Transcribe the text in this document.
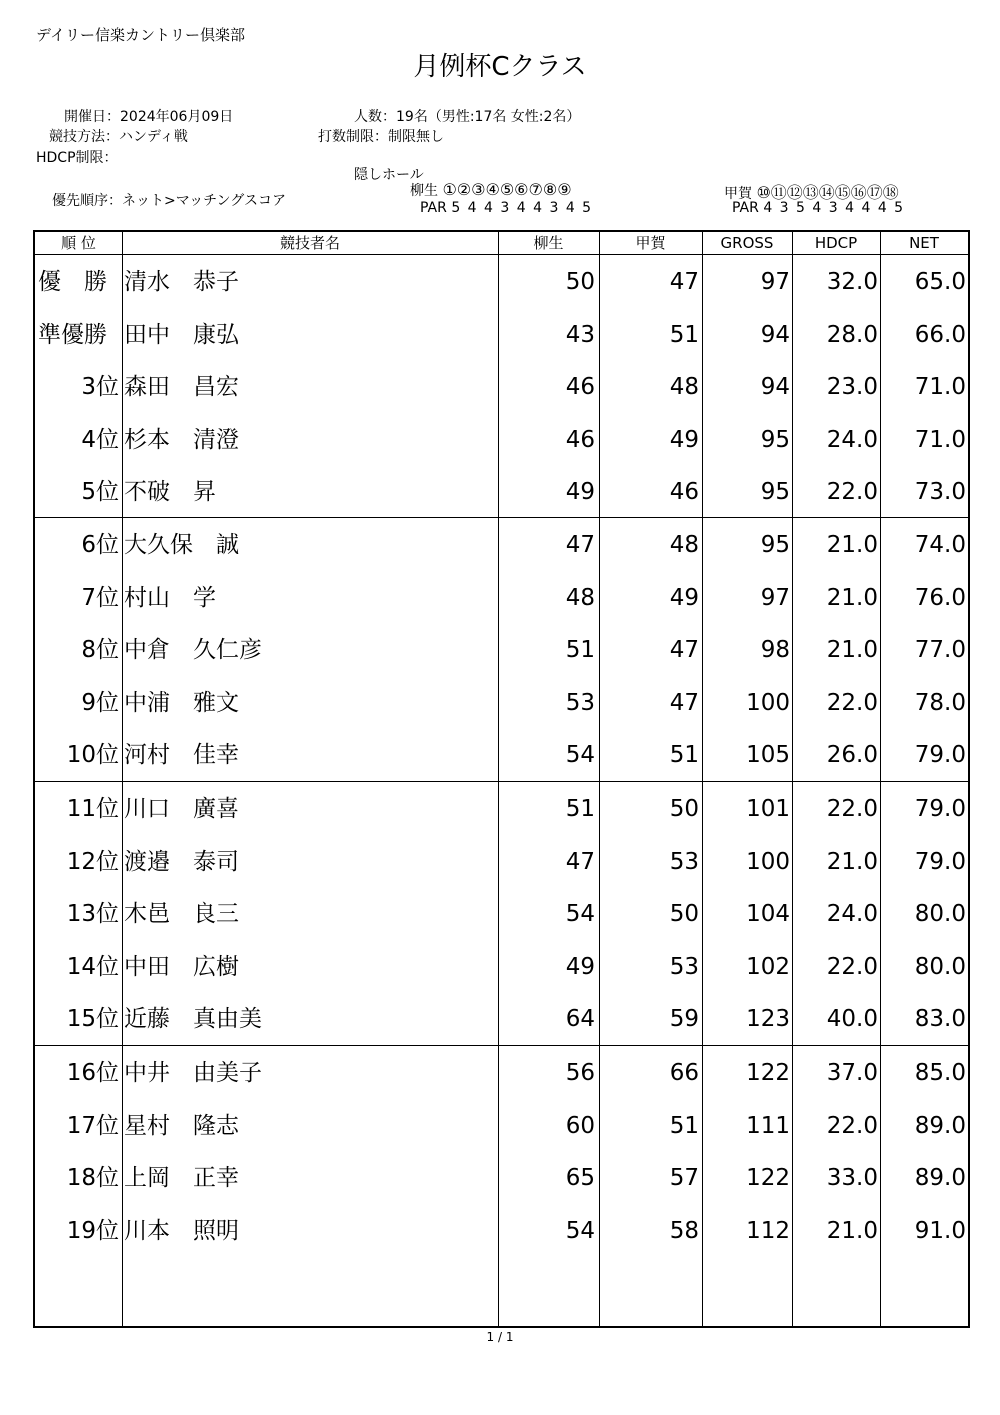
デイリー信楽カントリー倶楽部
月例杯Cクラス
開催日：2024年06月09日	人数：19名（男性:17名 女性:2名）
競技方法：ハンディ戦	打数制限：制限無し
HDCP制限：
隠しホール
優先順序：ネット>マッチングスコア
柳生 ①②③④⑤⑥⑦⑧⑨
PAR 5 4 4 3 4 4 3 4 5
甲賀 ⑩⑪⑫⑬⑭⑮⑯⑰⑱
PAR 4 3 5 4 3 4 4 4 5
順 位	競技者名	柳生	甲賀	GROSS	HDCP	NET
優　勝 清水　恭子	50	47	97	32.0	65.0
準優勝 田中　康弘	43	51	94	28.0	66.0
3位 森田　昌宏	46	48	94	23.0	71.0
4位 杉本　清澄	46	49	95	24.0	71.0
5位 不破　昇	49	46	95	22.0	73.0
6位 大久保　誠	47	48	95	21.0	74.0
7位 村山　学	48	49	97	21.0	76.0
8位 中倉　久仁彦	51	47	98	21.0	77.0
9位 中浦　雅文	53	47	100	22.0	78.0
10位 河村　佳幸	54	51	105	26.0	79.0
11位 川口　廣喜	51	50	101	22.0	79.0
12位 渡邉　泰司	47	53	100	21.0	79.0
13位 木邑　良三	54	50	104	24.0	80.0
14位 中田　広樹	49	53	102	22.0	80.0
15位 近藤　真由美	64	59	123	40.0	83.0
16位 中井　由美子	56	66	122	37.0	85.0
17位 星村　隆志	60	51	111	22.0	89.0
18位 上岡　正幸	65	57	122	33.0	89.0
19位 川本　照明	54	58	112	21.0	91.0
1 / 1
